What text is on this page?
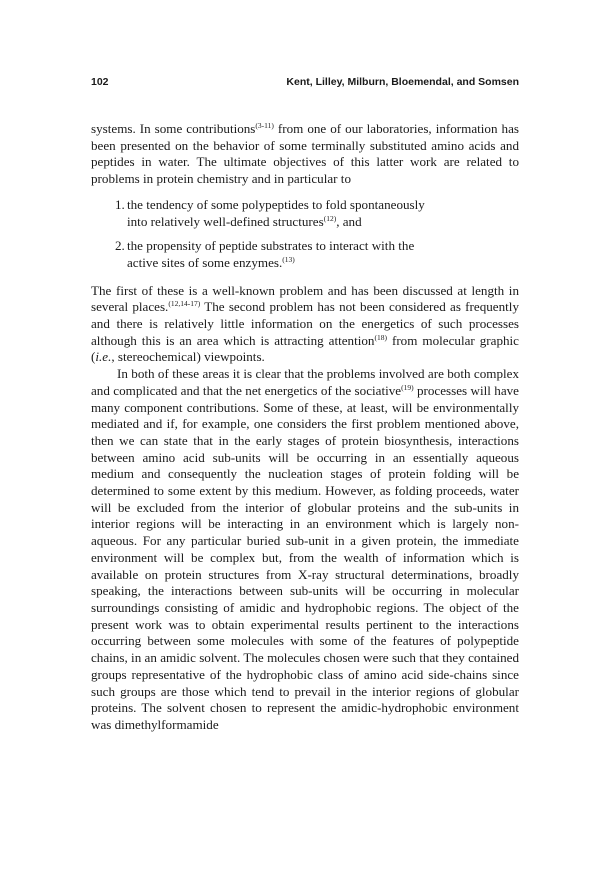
102	Kent, Lilley, Milburn, Bloemendal, and Somsen

systems. In some contributions$^{(3-11)}$ from one of our laboratories, information has been presented on the behavior of some terminally substituted amino acids and peptides in water. The ultimate objectives of this latter work are related to problems in protein chemistry and in particular to

1. the tendency of some polypeptides to fold spontaneously into relatively well-defined structures$^{(12)}$, and
2. the propensity of peptide substrates to interact with the active sites of some enzymes.$^{(13)}$

The first of these is a well-known problem and has been discussed at length in several places.$^{(12,14-17)}$ The second problem has not been considered as frequently and there is relatively little information on the energetics of such processes although this is an area which is attracting attention$^{(18)}$ from molecular graphic (i.e., stereochemical) viewpoints.

In both of these areas it is clear that the problems involved are both complex and complicated and that the net energetics of the sociative$^{(19)}$ processes will have many component contributions. Some of these, at least, will be environmentally mediated and if, for example, one considers the first problem mentioned above, then we can state that in the early stages of protein biosynthesis, interactions between amino acid sub-units will be occurring in an essentially aqueous medium and consequently the nucleation stages of protein folding will be determined to some extent by this medium. However, as folding proceeds, water will be excluded from the interior of globular proteins and the sub-units in interior regions will be interacting in an environment which is largely non-aqueous. For any particular buried sub-unit in a given protein, the immediate environment will be complex but, from the wealth of information which is available on protein structures from X-ray structural determinations, broadly speaking, the interactions between sub-units will be occurring in molecular surroundings consisting of amidic and hydrophobic regions. The object of the present work was to obtain experimental results pertinent to the interactions occurring between some molecules with some of the features of polypeptide chains, in an amidic solvent. The molecules chosen were such that they contained groups representative of the hydrophobic class of amino acid side-chains since such groups are those which tend to prevail in the interior regions of globular proteins. The solvent chosen to represent the amidic-hydrophobic environment was dimethylformamide
